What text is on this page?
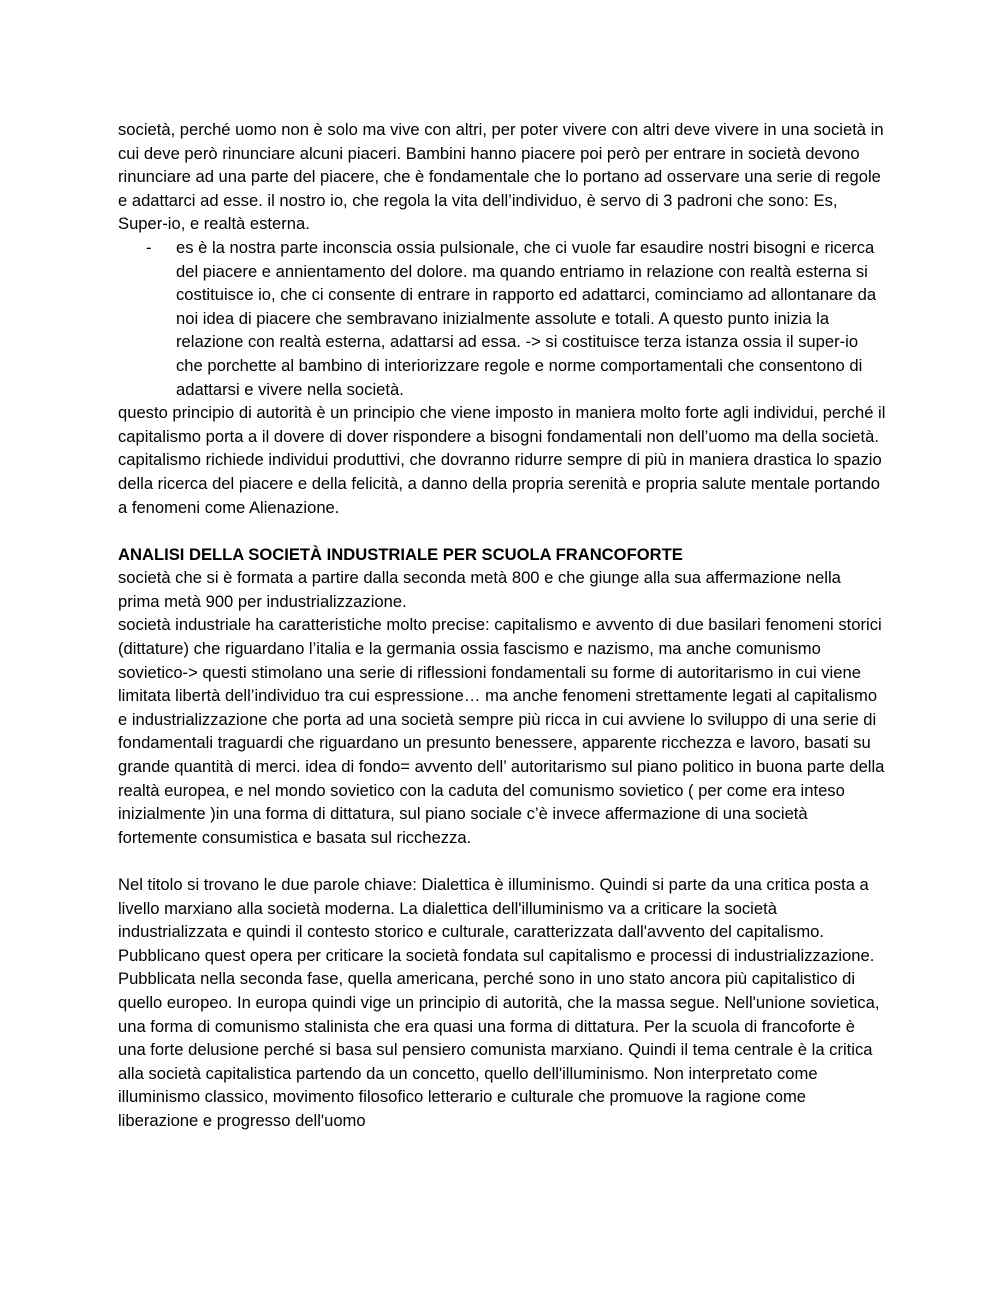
società, perché uomo non è solo ma vive con altri, per poter vivere con altri deve vivere in una società in cui deve però rinunciare alcuni piaceri. Bambini hanno piacere poi però per entrare in società devono rinunciare ad una parte del piacere, che è fondamentale che lo portano ad osservare una serie di regole e adattarci ad esse. il nostro io, che regola la vita dell’individuo, è servo di 3 padroni che sono: Es, Super-io, e realtà esterna.

- es è la nostra parte inconscia ossia pulsionale, che ci vuole far esaudire nostri bisogni e ricerca del piacere e annientamento del dolore. ma quando entriamo in relazione con realtà esterna si costituisce io, che ci consente di entrare in rapporto ed adattarci, cominciamo ad allontanare da noi idea di piacere che sembravano inizialmente assolute e totali. A questo punto inizia la relazione con realtà esterna, adattarsi ad essa. -> si costituisce terza istanza ossia il super-io che porchette al bambino di interiorizzare regole e norme comportamentali che consentono di adattarsi e vivere nella società.

questo principio di autorità è un principio che viene imposto in maniera molto forte agli individui, perché il capitalismo porta a il dovere di dover rispondere a bisogni fondamentali non dell’uomo ma della società. capitalismo richiede individui produttivi, che dovranno ridurre sempre di più in maniera drastica lo spazio della ricerca del piacere e della felicità, a danno della propria serenità e propria salute mentale portando a fenomeni come Alienazione.

ANALISI DELLA SOCIETÀ INDUSTRIALE PER SCUOLA FRANCOFORTE

società che si è formata a partire dalla seconda metà 800 e che giunge alla sua affermazione nella prima metà 900 per industrializzazione.

società industriale ha caratteristiche molto precise: capitalismo e avvento di due basilari fenomeni storici (dittature) che riguardano l’italia e la germania ossia fascismo e nazismo, ma anche comunismo sovietico-> questi stimolano una serie di riflessioni fondamentali su forme di autoritarismo in cui viene limitata libertà dell’individuo tra cui espressione… ma anche fenomeni strettamente legati al capitalismo e industrializzazione che porta ad una società sempre più ricca in cui avviene lo sviluppo di una serie di fondamentali traguardi che riguardano un presunto benessere, apparente ricchezza e lavoro, basati su grande quantità di merci. idea di fondo= avvento dell’ autoritarismo sul piano politico in buona parte della realtà europea, e nel mondo sovietico con la caduta del comunismo sovietico ( per come era inteso inizialmente )in una forma di dittatura, sul piano sociale c’è invece affermazione di una società fortemente consumistica e basata sul ricchezza.

Nel titolo si trovano le due parole chiave: Dialettica è illuminismo. Quindi si parte da una critica posta a livello marxiano alla società moderna. La dialettica dell'illuminismo va a criticare la società industrializzata e quindi il contesto storico e culturale, caratterizzata dall'avvento del capitalismo. Pubblicano quest opera per criticare la società fondata sul capitalismo e processi di industrializzazione. Pubblicata nella seconda fase, quella americana, perché sono in uno stato ancora più capitalistico di quello europeo. In europa quindi vige un principio di autorità, che la massa segue. Nell'unione sovietica, una forma di comunismo stalinista che era quasi una forma di dittatura. Per la scuola di francoforte è una forte delusione perché si basa sul pensiero comunista marxiano. Quindi il tema centrale è la critica alla società capitalistica partendo da un concetto, quello dell'illuminismo. Non interpretato come illuminismo classico, movimento filosofico letterario e culturale che promuove la ragione come liberazione e progresso dell'uomo
